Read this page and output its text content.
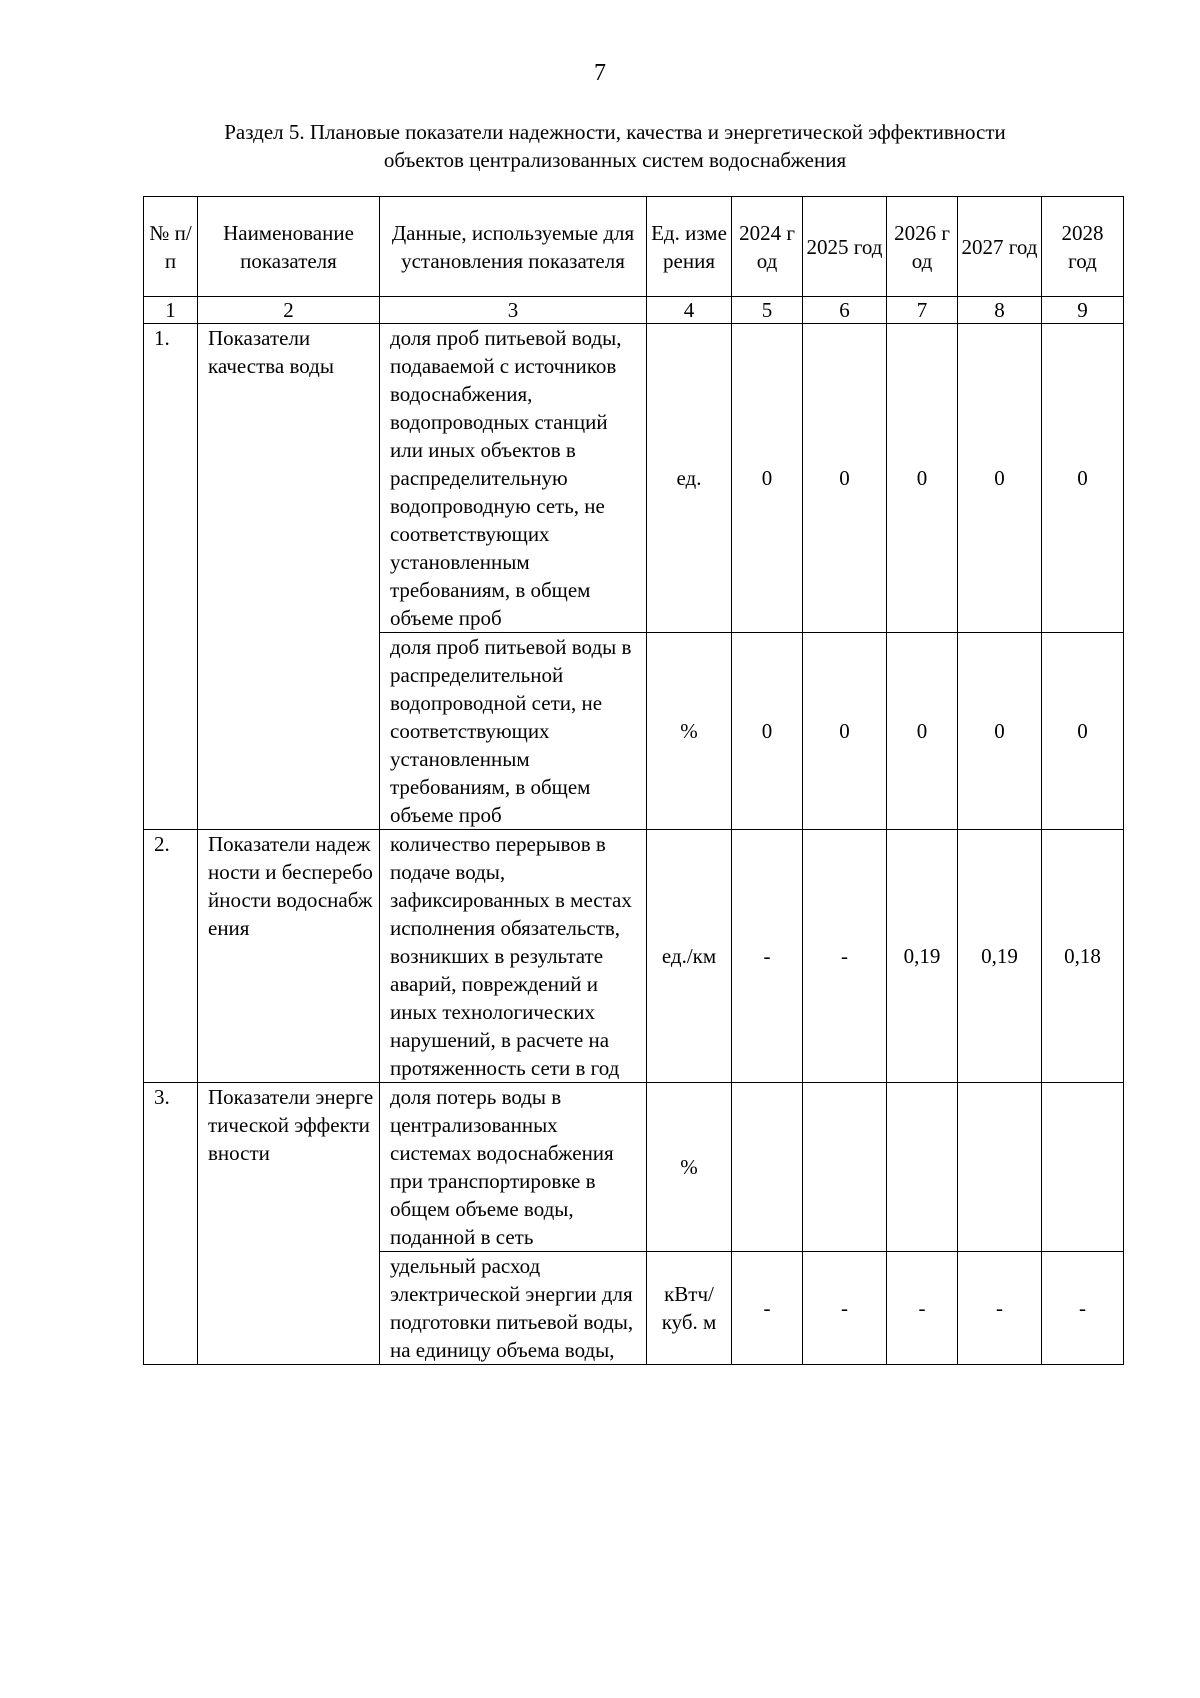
7
Раздел 5. Плановые показатели надежности, качества и энергетической эффективности
объектов централизованных систем водоснабжения
№ п/п	Наименование показателя	Данные, используемые для установления показателя	Ед. измерения	2024 год	2025 год	2026 год	2027 год	2028 год
1	2	3	4	5	6	7	8	9
1.	Показатели качества воды	доля проб питьевой воды, подаваемой с источников водоснабжения, водопроводных станций или иных объектов в распределительную водопроводную сеть, не соответствующих установленным требованиям, в общем объеме проб	ед.	0	0	0	0	0
		доля проб питьевой воды в распределительной водопроводной сети, не соответствующих установленным требованиям, в общем объеме проб	%	0	0	0	0	0
2.	Показатели надежности и бесперебойности водоснабжения	количество перерывов в подаче воды, зафиксированных в местах исполнения обязательств, возникших в результате аварий, повреждений и иных технологических нарушений, в расчете на протяженность сети в год	ед./км	-	-	0,19	0,19	0,18
3.	Показатели энергетической эффективности	доля потерь воды в централизованных системах водоснабжения при транспортировке в общем объеме воды, поданной в сеть	%					
		удельный расход электрической энергии для подготовки питьевой воды, на единицу объема воды,	кВтч/куб. м	-	-	-	-	-
